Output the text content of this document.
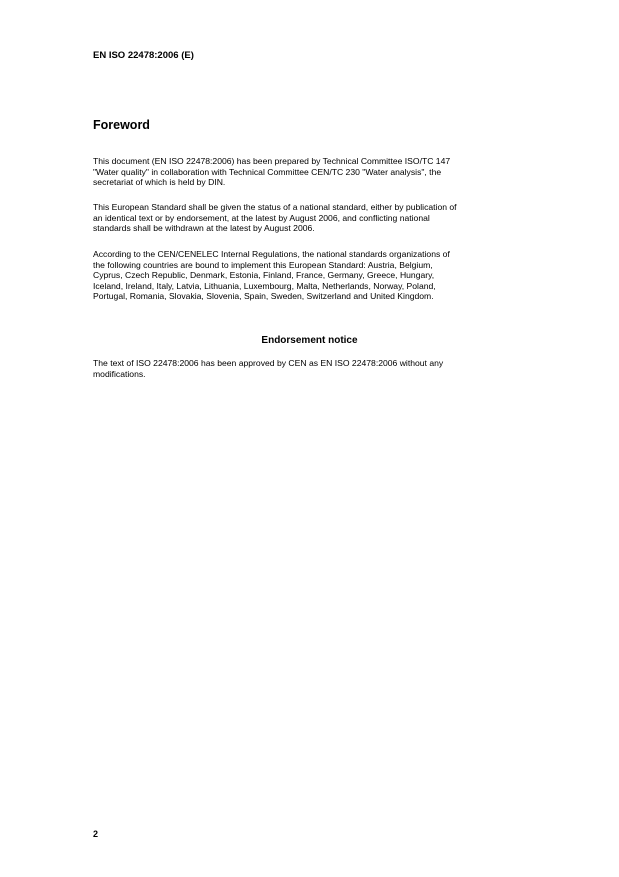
EN ISO 22478:2006 (E)
Foreword

This document (EN ISO 22478:2006) has been prepared by Technical Committee ISO/TC 147
"Water quality" in collaboration with Technical Committee CEN/TC 230 "Water analysis", the
secretariat of which is held by DIN.

This European Standard shall be given the status of a national standard, either by publication of
an identical text or by endorsement, at the latest by August 2006, and conflicting national
standards shall be withdrawn at the latest by August 2006.

According to the CEN/CENELEC Internal Regulations, the national standards organizations of
the following countries are bound to implement this European Standard: Austria, Belgium,
Cyprus, Czech Republic, Denmark, Estonia, Finland, France, Germany, Greece, Hungary,
Iceland, Ireland, Italy, Latvia, Lithuania, Luxembourg, Malta, Netherlands, Norway, Poland,
Portugal, Romania, Slovakia, Slovenia, Spain, Sweden, Switzerland and United Kingdom.

Endorsement notice

The text of ISO 22478:2006 has been approved by CEN as EN ISO 22478:2006 without any
modifications.

2
